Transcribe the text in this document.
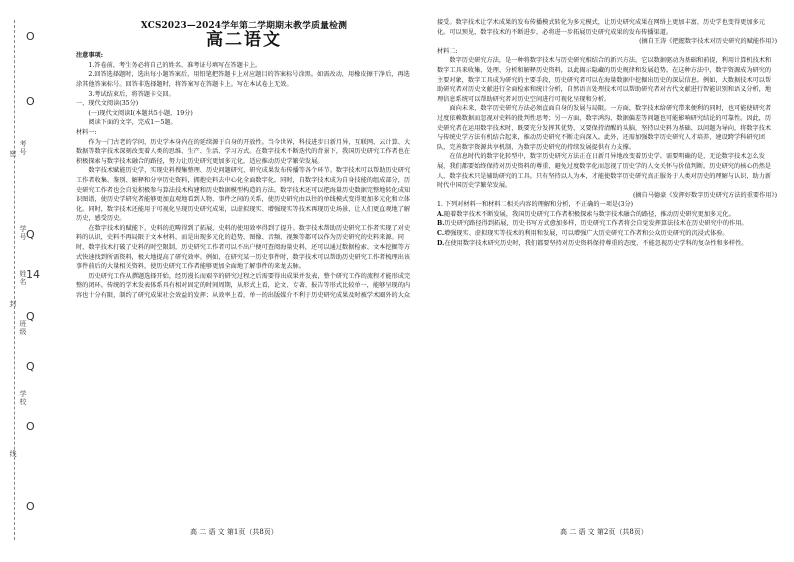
O
O
Q
14
Q
Q
O
O
密
封
线
学校
班级
姓名
学号
考号
XCS2023—2024学年第二学期期末教学质量检测
高二语文

注意事项:

1.答卷前，考生务必将自己的姓名、准考证号填写在答题卡上。

2.回答选择题时，选出每小题答案后，用铅笔把答题卡上对应题目的答案标号涂黑。如需改动，用橡皮擦干净后，再选涂其他答案标号。回答非选择题时，将答案写在答题卡上。写在本试卷上无效。

3.考试结束后，将答题卡交回。

一、现代文阅读(35分)

(一)现代文阅读Ⅰ(本题共5小题，19分)

阅读下面的文字，完成1～5题。

材料一:

作为一门古老的学问，历史学本身内在的延续源于自身的开放性。当今世界，科技进步日新月异，互联网、云计算、大数据等数字技术深刻改变着人类的思维、生产、生活、学习方式。在数字技术不断迭代的背景下，我国历史研究工作者也在积极探索与数字技术融合的路径，努力让历史研究更加多元化，适应推动历史学繁荣发展。

数字技术赋能历史学，实现史料搜集整理、历史问题研究、研究成果发布传播等各个环节。数字技术可以帮助历史研究工作者收集、鉴别、解释和分享历史资料，拥抱史料去中心化全面数字化。同时，自数字技术成为自身技能的组成部分，历史研究工作者也会自觉积极参与算法技术构建和历史数据模型构造的方法。数字技术还可以把海量历史数据完整地转化成知识图谱，使历史学研究者能够更加直观地看到人物、事件之间的关系，使历史研究由以往的单线模式变得更加多元化和立体化。同时，数字技术还能用于可视化呈现历史研究成果，以虚拟现实、增强现实等技术再现历史场景，让人们更直观地了解历史，感受历史。

在数字技术的赋能下，史料的范畴得到了拓展，史料的使用效率得到了提升。数字技术帮助历史研究工作者实现了对史料的认识，史料不再局限于文本材料，而是出现多元化的趋势，图像、音频、视频等都可以作为历史研究的史料来源。同时，数字技术打破了史料的时空限制，历史研究工作者可以不出户便可查阅海量史料，还可以通过数据检索、文本挖掘等方式快速找到所需资料，极大地提高了研究效率。例如，在研究某一历史事件时，数字技术可以帮助历史研究工作者梳理出该事件前后的大量相关资料，使历史研究工作者能够更加全面地了解事件的来龙去脉。

历史研究工作从撰题选择开始，经历漫长而艰辛的研究过程之后需要得出成果并发表，整个研究工作的流程才能形成完整的闭环。传统的学术发表体系具有相对固定的时间周期，从形式上看，论文、专著、报告等形式比较单一，能够呈现的内容也十分有限，制约了研究成果社会效益的发挥；从效率上看，单一的出版媒介不利于历史研究成果及时被学术圈外的大众

高 二 语 文 第1页（共8页）

接受。数字技术让学术成果的发布传播模式转化为多元模式，让历史研究成果在网络上更加丰富，历史学也变得更加多元化。可以预见，数字技术的不断进步，必将进一步拓展历史研究成果的发布传播渠道。

(摘自王涛《把握数字技术对历史研究的赋能作用》)

材料二:

数字历史研究方法，是一种将数字技术与历史研究相结合的新兴方法。它以数据驱动为基础和前提，利用计算机技术和数字工具来收集、处理、分析和解释历史资料，以此揭示隐藏的历史规律和发展趋势。在这种方法中，数字资源成为研究的主要对象，数字工具成为研究的主要手段，历史研究者可以在海量数据中挖掘出历史的深层信息。例如，大数据技术可以帮助研究者对历史文献进行全面检索和统计分析，自然语言处理技术可以帮助研究者对古代文献进行智能识别和语义分析，地理信息系统可以帮助研究者对历史空间进行可视化呈现和分析。

面向未来，数字历史研究方法必须直面自身的发展与局限。一方面，数字技术给研究带来便利的同时，也可能使研究者过度依赖数据而忽视对史料的批判性思考；另一方面，数字鸿沟、数据偏差等问题也可能影响研究结论的可靠性。因此，历史研究者在运用数字技术时，既要充分发挥其优势，又要保持清醒的头脑，坚持以史料为基础、以问题为导向，将数字技术与传统史学方法有机结合起来，推动历史研究不断走向深入。此外，还需加强数字历史研究人才培养，建设跨学科研究团队，完善数字资源共享机制，为数字历史研究的持续发展提供有力支撑。

在信息时代的数字化转型中，数字历史研究方法正在日新月异地改变着历史学。需要明确的是，无论数字技术怎么发展，我们都要始终保持对历史资料的尊重，避免过度数字化而忽视了历史学的人文关怀与价值判断。历史研究的核心仍然是人，数字技术只是辅助研究的工具。只有坚持以人为本，才能使数字历史研究真正服务于人类对历史的理解与认识，助力新时代中国历史学繁荣发展。

(摘自马德豪《发挥好数字历史研究方法的重要作用》)

1. 下列对材料一和材料二相关内容的理解和分析，不正确的一项是(3分)

A.随着数字技术不断发展，我国历史研究工作者积极探索与数字技术融合的路径，推动历史研究更加多元化。

B.历史研究路径得到拓展，历史书写方式愈加多样，历史研究工作者将会自觉发挥算法技术在历史研究中的作用。

C.增强现实、虚拟现实等技术的利用和发展，可以增强广大历史研究工作者和公众历史研究的沉浸式体验。

D.在使用数字技术研究历史时，我们都要坚持对历史资料保持尊重的态度，不能忽视历史学科的复杂性和多样性。

高 二 语 文 第2页（共8页）
